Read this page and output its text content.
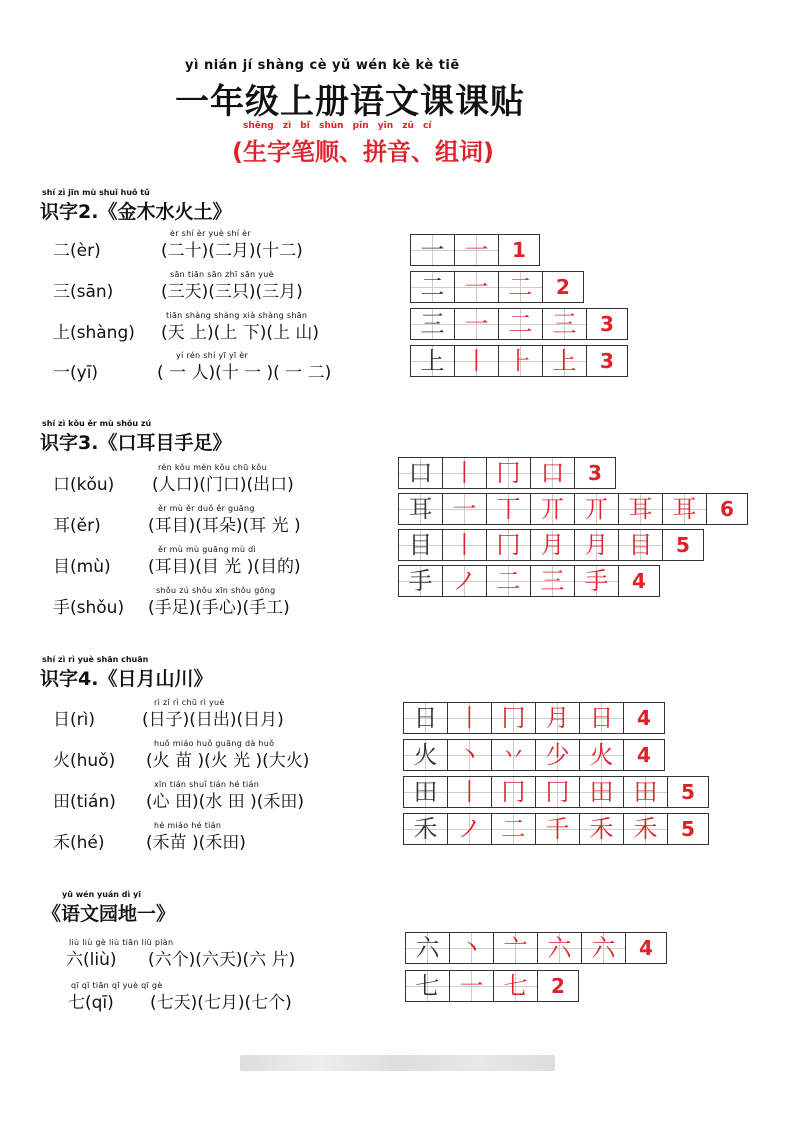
yì nián jí shàng cè yǔ wén kè kè tiē
一年级上册语文课课贴
shēng zì bǐ shùn pīn yīn zǔ cí
(生字笔顺、拼音、组词)
shí zì jīn mù shuǐ huǒ tǔ
识字2.《金木水火土》
二(èr)
èr shí èr yuè shí èr
(二十)(二月)(十二)
三(sān)
sān tiān sān zhī sān yuè
(三天)(三只)(三月)
上(shàng)
tiān shàng shàng xià shàng shān
(天 上)(上 下)(上 山)
一(yī)
yí rén shí yī yī èr
( 一 人)(十 一 )( 一 二)
一 一	1
二 一 二	2
三 一 二 三	3
上 丨 ⺊ 上	3
shí zì kǒu ěr mù shǒu zú
识字3.《口耳目手足》
口(kǒu)
rén kǒu mén kǒu chū kǒu
(人口)(门口)(出口)
耳(ěr)
ěr mù ěr duǒ ěr guāng
(耳目)(耳朵)(耳 光 )
目(mù)
ěr mù mù guāng mù dì
(耳目)(目 光 )(目的)
手(shǒu)
shǒu zú shǒu xīn shǒu gōng
(手足)(手心)(手工)
口 丨 冂 口	3
耳 一 丅 丌 丌 耳 耳	6
目 丨 冂 月 月 目	5
手 ノ 二 三 手	4
shí zì rì yuè shān chuān
识字4.《日月山川》
日(rì)
rì zǐ rì chū rì yuè
(日子)(日出)(日月)
火(huǒ)
huǒ miáo huǒ guāng dà huǒ
(火 苗 )(火 光 )(大火)
田(tián)
xīn tián shuǐ tián hé tián
(心 田)(水 田 )(禾田)
禾(hé)
hé miáo hé tián
(禾苗 )(禾田)
日 丨 冂 月 日	4
火 丶 丷 少 火	4
田 丨 冂 冂 田 田	5
禾 ノ 二 千 禾 禾	5
yǔ wén yuán dì yī
《语文园地一》
六(liù)
liù liù gè liù tiān liù piàn
(六个)(六天)(六 片)
七(qī)
qī qī tiān qī yuè qī gè
(七天)(七月)(七个)
六 丶 亠 六 六	4
七 一 七	2
